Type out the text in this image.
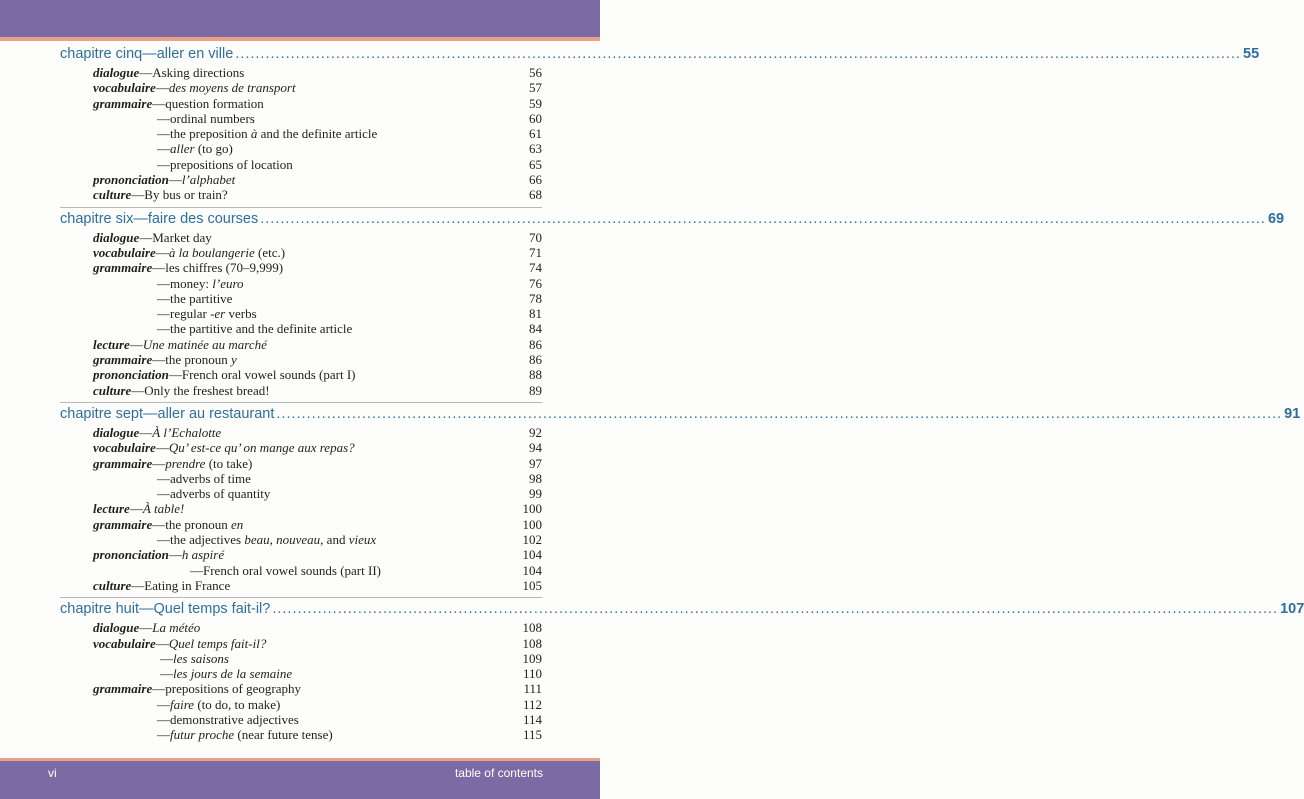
chapitre cinq—aller en ville ........................................................................................................................................................................................................ 55
dialogue—Asking directions	56
vocabulaire—des moyens de transport	57
grammaire—question formation	59
—ordinal numbers	60
—the preposition à and the definite article	61
—aller (to go)	63
—prepositions of location	65
prononciation—l’alphabet	66
culture—By bus or train?	68
chapitre six—faire des courses ........................................................................................................................................................................................................ 69
dialogue—Market day	70
vocabulaire—à la boulangerie (etc.)	71
grammaire—les chiffres (70–9,999)	74
—money: l’euro	76
—the partitive	78
—regular -er verbs	81
—the partitive and the definite article	84
lecture—Une matinée au marché	86
grammaire—the pronoun y	86
prononciation—French oral vowel sounds (part I)	88
culture—Only the freshest bread!	89
chapitre sept—aller au restaurant ........................................................................................................................................................................................................ 91
dialogue—À l’Echalotte	92
vocabulaire—Qu’ est-ce qu’ on mange aux repas?	94
grammaire—prendre (to take)	97
—adverbs of time	98
—adverbs of quantity	99
lecture—À table!	100
grammaire—the pronoun en	100
—the adjectives beau, nouveau, and vieux	102
prononciation—h aspiré	104
—French oral vowel sounds (part II)	104
culture—Eating in France	105
chapitre huit—Quel temps fait-il? ........................................................................................................................................................................................................ 107
dialogue—La météo	108
vocabulaire—Quel temps fait-il?	108
—les saisons	109
—les jours de la semaine	110
grammaire—prepositions of geography	111
—faire (to do, to make)	112
—demonstrative adjectives	114
—futur proche (near future tense)	115
vi	table of contents
